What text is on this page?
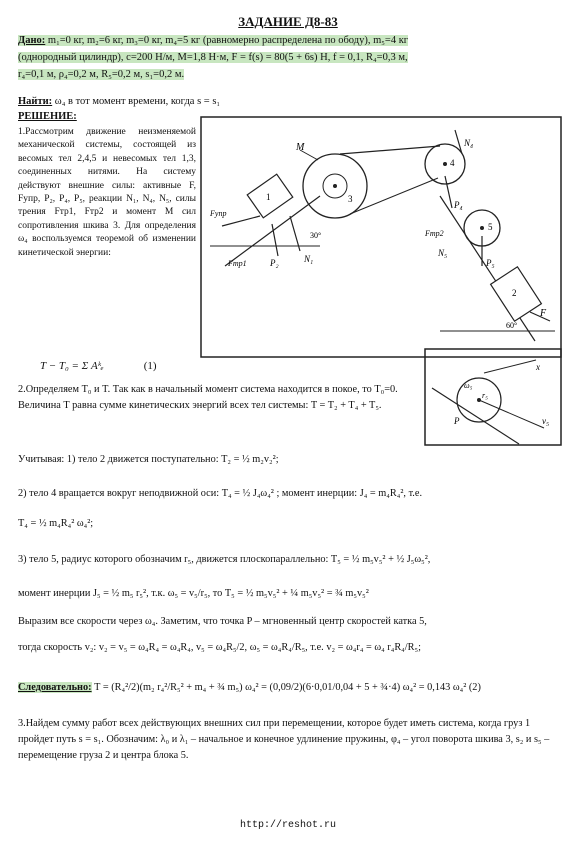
ЗАДАНИЕ Д8-83
Дано: m₁=0 кг, m₂=6 кг, m₃=0 кг, m₄=5 кг (равномерно распределена по ободу), m₅=4 кг
(однородный цилиндр), c=200 Н/м, M=1,8 Н·м, F = f(s) = 80(5 + 6s) Н, f = 0,1, R₄=0,3 м,
r₄=0,1 м, ρ₄=0,2 м, R₅=0,2 м, s₁=0,2 м.
Найти: ω₄ в тот момент времени, когда s = s₁
РЕШЕНИЕ:
1.Рассмотрим движение неизменяемой механической системы, состоящей из весомых тел 2,4,5 и невесомых тел 1,3, соединенных нитями. На систему действуют внешние силы: активные F, Fупр, P₂, P₄, P₅, реакции N₁, N₄, N₅, силы трения Fтр1, Fтр2 и момент M сил сопротивления шкива 3. Для определения ω₄ воспользуемся теоремой об изменении кинетической энергии:
T − T₀ = Σ Aᵏₑ	(1)
M
1
2
3
4
5
F
Fупр
Fтр1
Fтр2
N₁
N₄
N₅
P₂
P₄
P₅
30°
60°
x
v₅
r₅
ω₅
P
2.Определяем T₀ и T. Так как в начальный момент система находится в покое, то T₀=0. Величина T равна сумме кинетических энергий всех тел системы: T = T₂ + T₄ + T₅.
Учитывая: 1) тело 2 движется поступательно: T₂ = ½ m₂v₂²;
2) тело 4 вращается вокруг неподвижной оси: T₄ = ½ J₄ω₄² ; момент инерции: J₄ = m₄R₄², т.е.
T₄ = ½ m₄R₄² ω₄²;
3) тело 5, радиус которого обозначим r₅, движется плоскопараллельно: T₅ = ½ m₅v₅² + ½ J₅ω₅²,
момент инерции J₅ = ½ m₅ r₅², т.к. ω₅ = v₅/r₅, то T₅ = ½ m₅v₅² + ¼ m₅v₅² = ¾ m₅v₅²
Выразим все скорости через ω₄. Заметим, что точка P – мгновенный центр скоростей катка 5,
тогда скорость v₂: v₂ = v₅ = ω₄R₄ = ω₄R₄, v₅ = ω₄R₅/2, ω₅ = ω₄R₄/R₅, т.е. v₂ = ω₄r₄ = ω₄ r₄R₄/R₅;
Следовательно: T = (R₄²/2)(m₂ r₄²/R₅² + m₄ + ¾ m₅) ω₄² = (0,09/2)(6·0,01/0,04 + 5 + ¾·4) ω₄² = 0,143 ω₄² (2)
3.Найдем сумму работ всех действующих внешних сил при перемещении, которое будет иметь система, когда груз 1 пройдет путь s = s₁. Обозначим: λ₀ и λ₁ – начальное и конечное удлинение пружины, φ₄ – угол поворота шкива 3, s₂ и s₅ – перемещение груза 2 и центра блока 5.
http://reshot.ru
